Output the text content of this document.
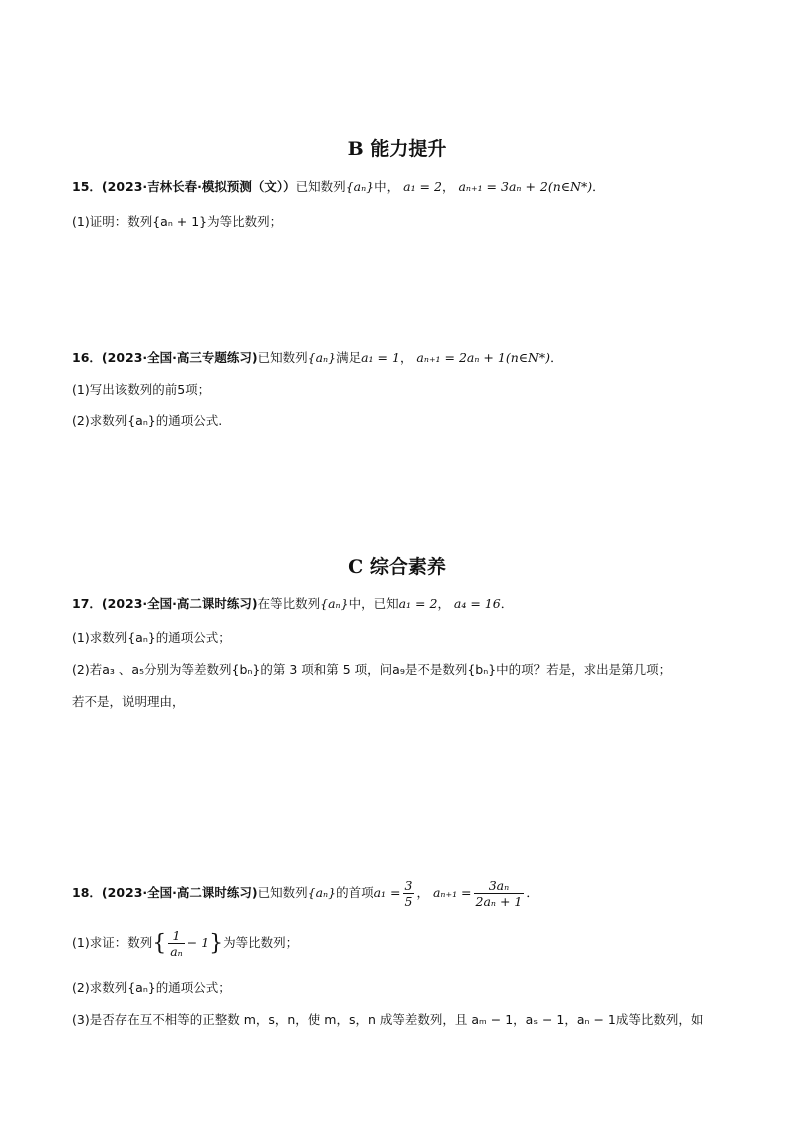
B 能力提升
15．(2023·吉林长春·模拟预测（文））已知数列{aₙ}中， a₁ = 2， aₙ₊₁ = 3aₙ + 2(n∈N*)．
(1)证明：数列{aₙ + 1}为等比数列；
16．(2023·全国·高三专题练习)已知数列{aₙ}满足a₁ = 1， aₙ₊₁ = 2aₙ + 1(n∈N*)．
(1)写出该数列的前5项；
(2)求数列{aₙ}的通项公式.
C 综合素养
17．(2023·全国·高二课时练习)在等比数列{aₙ}中，已知a₁ = 2， a₄ = 16．
(1)求数列{aₙ}的通项公式；
(2)若a₃ 、a₅分别为等差数列{bₙ}的第 3 项和第 5 项，问a₉是不是数列{bₙ}中的项？若是，求出是第几项；
若不是，说明理由，
18．(2023·全国·高二课时练习)已知数列{aₙ}的首项$a_1 = \frac{3}{5}$ ， $a_{n+1} = \frac{\text{3aₙ}}{\text{2aₙ + 1}}$ ．
(1)求证：数列{ $\frac{1}{\text{aₙ}} - 1$}为等比数列；
(2)求数列{aₙ}的通项公式；
(3)是否存在互不相等的正整数 m，s，n，使 m，s，n 成等差数列，且 aₘ − 1，aₛ − 1，aₙ − 1成等比数列，如
